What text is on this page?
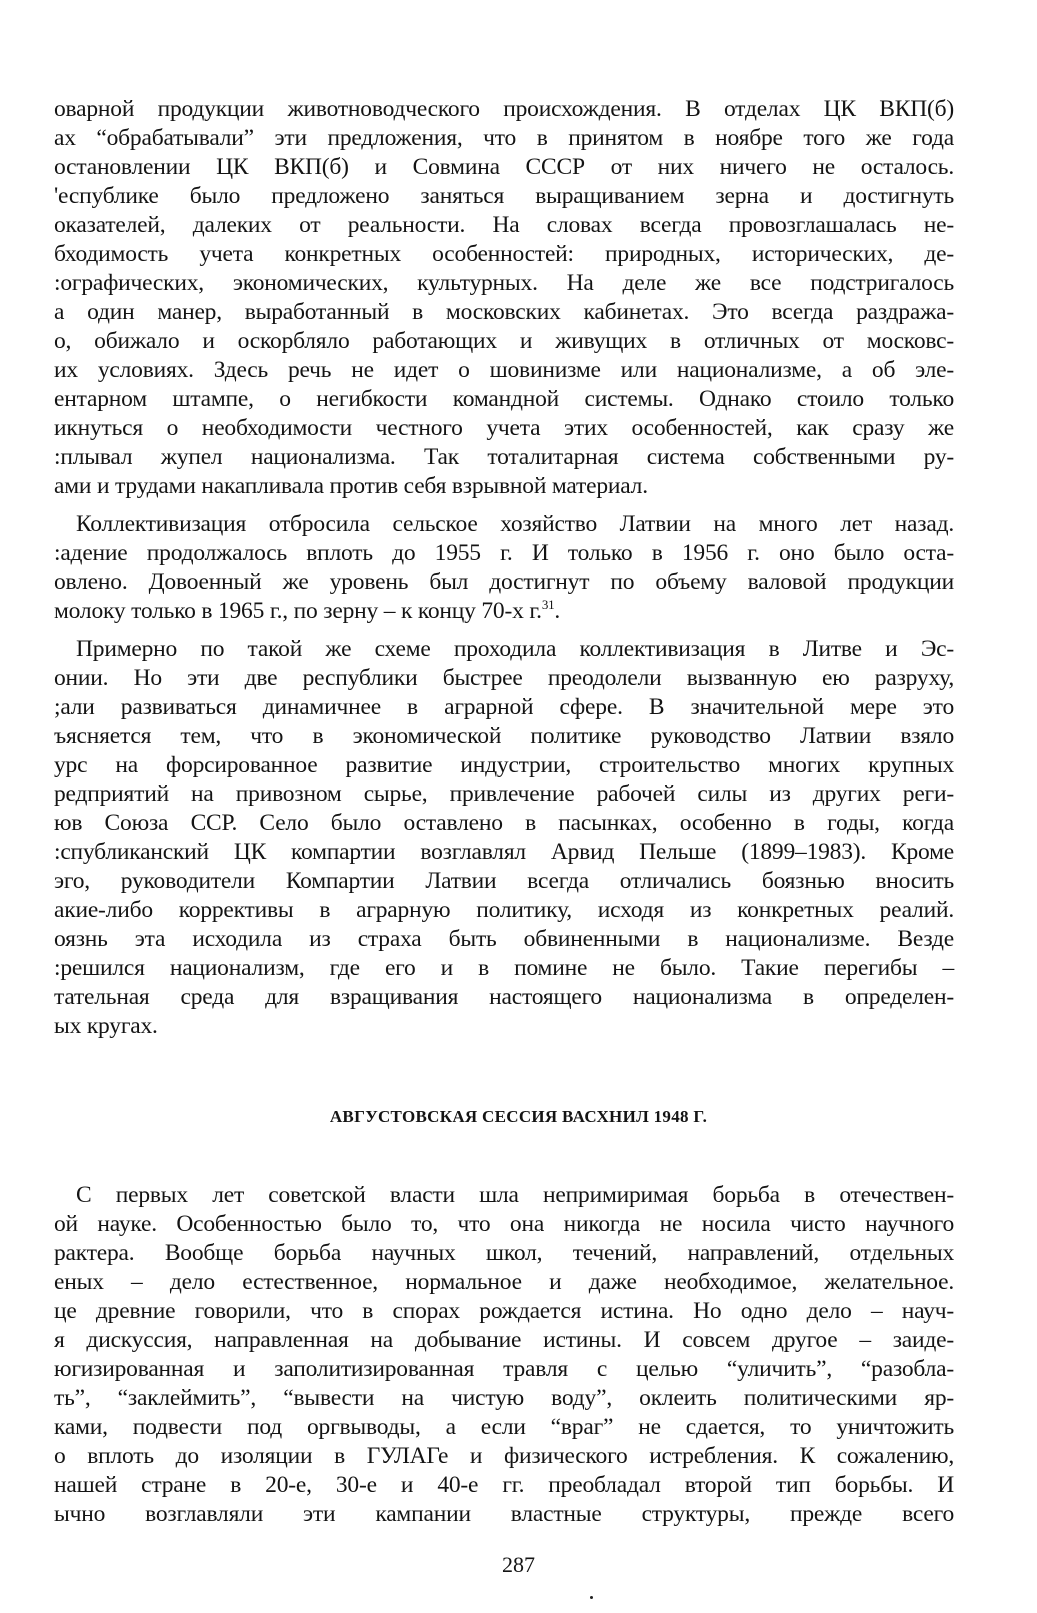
оварной продукции животноводческого происхождения. В отделах ЦК ВКП(б)
ах “обрабатывали” эти предложения, что в принятом в ноябре того же года
остановлении ЦК ВКП(б) и Совмина СССР от них ничего не осталось.
'еспублике было предложено заняться выращиванием зерна и достигнуть
оказателей, далеких от реальности. На словах всегда провозглашалась не-
бходимость учета конкретных особенностей: природных, исторических, де-
:ографических, экономических, культурных. На деле же все подстригалось
а один манер, выработанный в московских кабинетах. Это всегда раздража-
о, обижало и оскорбляло работающих и живущих в отличных от московс-
их условиях. Здесь речь не идет о шовинизме или национализме, а об эле-
ентарном штампе, о негибкости командной системы. Однако стоило только
икнуться о необходимости честного учета этих особенностей, как сразу же
:плывал жупел национализма. Так тоталитарная система собственными ру-
ами и трудами накапливала против себя взрывной материал.
Коллективизация отбросила сельское хозяйство Латвии на много лет назад.
:адение продолжалось вплоть до 1955 г. И только в 1956 г. оно было оста-
овлено. Довоенный же уровень был достигнут по объему валовой продукции
молоку только в 1965 г., по зерну – к концу 70-х г.$^{31}$.
Примерно по такой же схеме проходила коллективизация в Литве и Эс-
онии. Но эти две республики быстрее преодолели вызванную ею разруху,
;али развиваться динамичнее в аграрной сфере. В значительной мере это
ъясняется тем, что в экономической политике руководство Латвии взяло
урс на форсированное развитие индустрии, строительство многих крупных
редприятий на привозном сырье, привлечение рабочей силы из других реги-
юв Союза ССР. Село было оставлено в пасынках, особенно в годы, когда
:спубликанский ЦК компартии возглавлял Арвид Пельше (1899–1983). Кроме
эго, руководители Компартии Латвии всегда отличались боязнью вносить
акие-либо коррективы в аграрную политику, исходя из конкретных реалий.
оязнь эта исходила из страха быть обвиненными в национализме. Везде
:решился национализм, где его и в помине не было. Такие перегибы –
тательная среда для взращивания настоящего национализма в определен-
ых кругах.
АВГУСТОВСКАЯ СЕССИЯ ВАСХНИЛ 1948 Г.
С первых лет советской власти шла непримиримая борьба в отечествен-
ой науке. Особенностью было то, что она никогда не носила чисто научного
рактера. Вообще борьба научных школ, течений, направлений, отдельных
еных – дело естественное, нормальное и даже необходимое, желательное.
це древние говорили, что в спорах рождается истина. Но одно дело – науч-
я дискуссия, направленная на добывание истины. И совсем другое – заиде-
югизированная и заполитизированная травля с целью “уличить”, “разобла-
ть”, “заклеймить”, “вывести на чистую воду”, оклеить политическими яр-
ками, подвести под оргвыводы, а если “враг” не сдается, то уничтожить
о вплоть до изоляции в ГУЛАГе и физического истребления. К сожалению,
нашей стране в 20-е, 30-е и 40-е гг. преобладал второй тип борьбы. И
ычно возглавляли эти кампании властные структуры, прежде всего
287
